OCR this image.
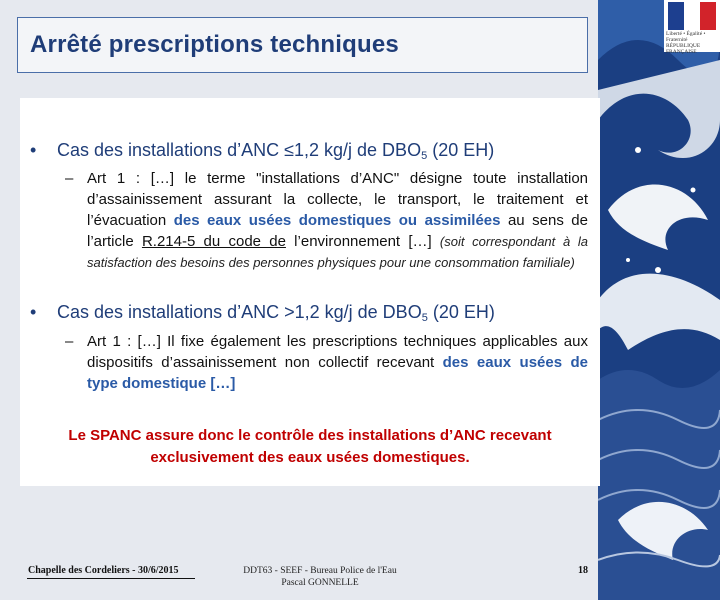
Liberté • Égalité • Fraternité
RÉPUBLIQUE FRANÇAISE
Arrêté prescriptions techniques
• Cas des installations d’ANC ≤1,2 kg/j de $DBO_5$ (20 EH)
– Art 1 : […] le terme "installations d’ANC" désigne toute installation d’assainissement assurant la collecte, le transport, le traitement et l’évacuation des eaux usées domestiques ou assimilées au sens de l’article R.214-5 du code de l’environnement […] (soit correspondant à la satisfaction des besoins des personnes physiques pour une consommation familiale)
• Cas des installations d’ANC >1,2 kg/j de $DBO_5$ (20 EH)
– Art 1 : […] Il fixe également les prescriptions techniques applicables aux dispositifs d’assainissement non collectif recevant des eaux usées de type domestique […]
Le SPANC assure donc le contrôle des installations d’ANC recevant exclusivement des eaux usées domestiques.
Chapelle des Cordeliers - 30/6/2015	DDT63 - SEEF - Bureau Police de l'Eau
Pascal GONNELLE
18
